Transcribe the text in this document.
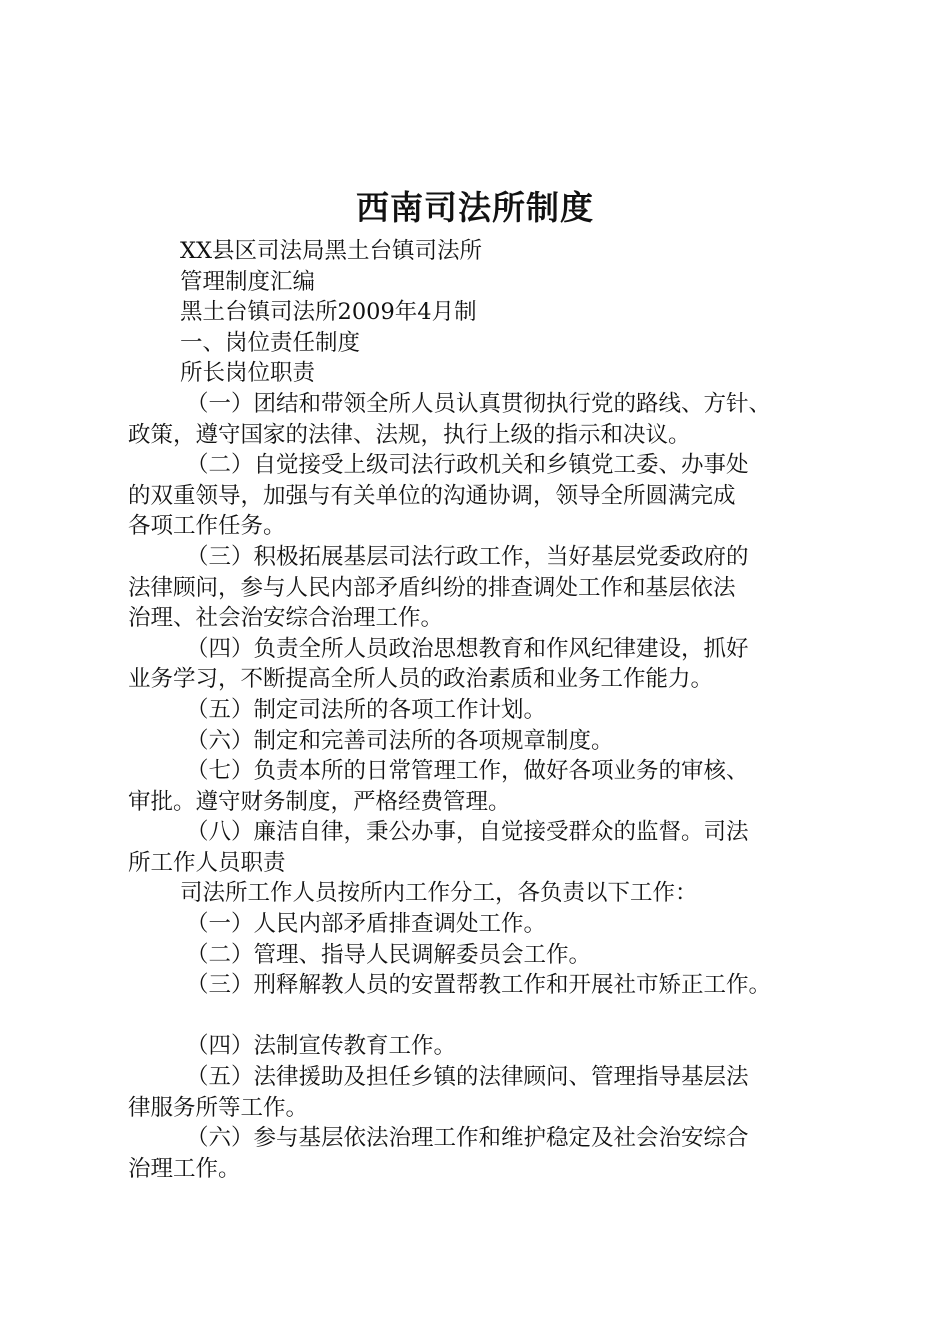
西南司法所制度

XX县区司法局黑土台镇司法所

管理制度汇编

黑土台镇司法所2009年4月制

一、岗位责任制度

所长岗位职责

（一）团结和带领全所人员认真贯彻执行党的路线、方针、

政策，遵守国家的法律、法规，执行上级的指示和决议。

（二）自觉接受上级司法行政机关和乡镇党工委、办事处

的双重领导，加强与有关单位的沟通协调，领导全所圆满完成

各项工作任务。

（三）积极拓展基层司法行政工作，当好基层党委政府的

法律顾问，参与人民内部矛盾纠纷的排查调处工作和基层依法

治理、社会治安综合治理工作。

（四）负责全所人员政治思想教育和作风纪律建设，抓好

业务学习，不断提高全所人员的政治素质和业务工作能力。

（五）制定司法所的各项工作计划。

（六）制定和完善司法所的各项规章制度。

（七）负责本所的日常管理工作，做好各项业务的审核、

审批。遵守财务制度，严格经费管理。

（八）廉洁自律，秉公办事，自觉接受群众的监督。司法

所工作人员职责

司法所工作人员按所内工作分工，各负责以下工作：

（一）人民内部矛盾排查调处工作。

（二）管理、指导人民调解委员会工作。

（三）刑释解教人员的安置帮教工作和开展社市矫正工作。

（四）法制宣传教育工作。

（五）法律援助及担任乡镇的法律顾问、管理指导基层法

律服务所等工作。

（六）参与基层依法治理工作和维护稳定及社会治安综合

治理工作。
